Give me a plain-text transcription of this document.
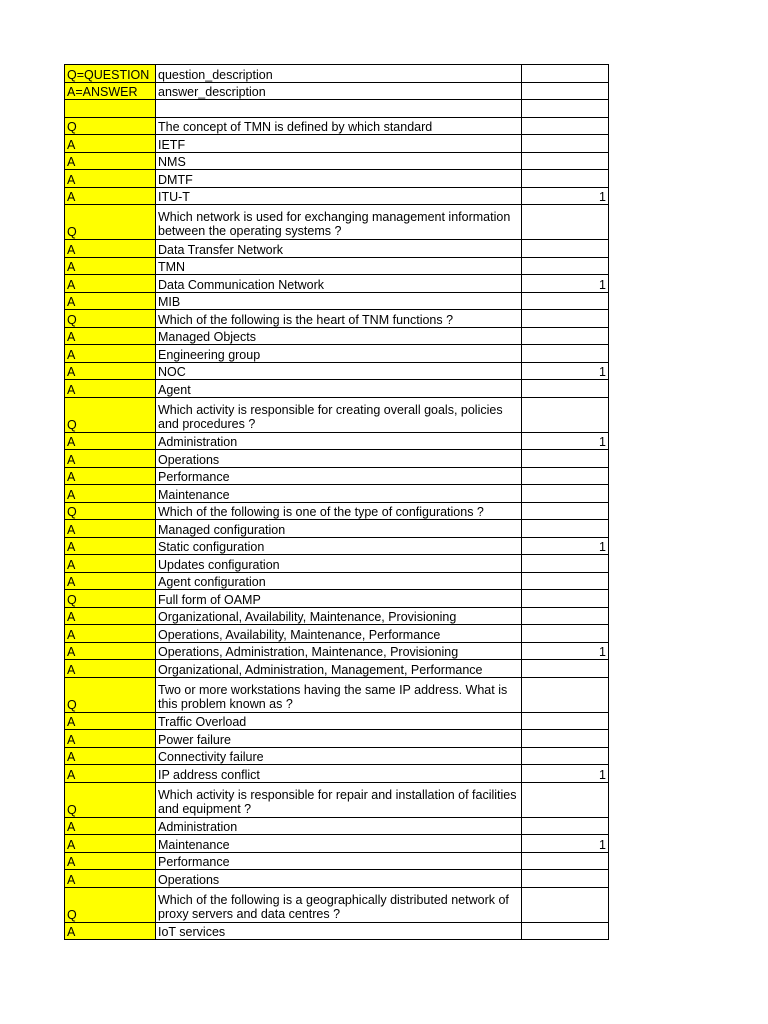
Q=QUESTION	question_description	
A=ANSWER	answer_description	

Q	The concept of TMN is defined by which standard	
A	IETF	
A	NMS	
A	DMTF	
A	ITU-T	1
Q	Which network is used for exchanging management information between the operating systems ?	
A	Data Transfer Network	
A	TMN	
A	Data Communication Network	1
A	MIB	
Q	Which of the following is the heart of TNM functions ?	
A	Managed Objects	
A	Engineering group	
A	NOC	1
A	Agent	
Q	Which activity is responsible for creating overall goals, policies and procedures ?	
A	Administration	1
A	Operations	
A	Performance	
A	Maintenance	
Q	Which of the following is one of the type of configurations ?	
A	Managed configuration	
A	Static configuration	1
A	Updates configuration	
A	Agent configuration	
Q	Full form of OAMP	
A	Organizational, Availability, Maintenance, Provisioning	
A	Operations, Availability, Maintenance, Performance	
A	Operations, Administration, Maintenance, Provisioning	1
A	Organizational, Administration, Management, Performance	
Q	Two or more workstations having the same IP address. What is this problem known as ?	
A	Traffic Overload	
A	Power failure	
A	Connectivity failure	
A	IP address conflict	1
Q	Which activity is responsible for repair and installation of facilities and equipment ?	
A	Administration	
A	Maintenance	1
A	Performance	
A	Operations	
Q	Which of the following is a geographically distributed network of proxy servers and data centres ?	
A	IoT services	
